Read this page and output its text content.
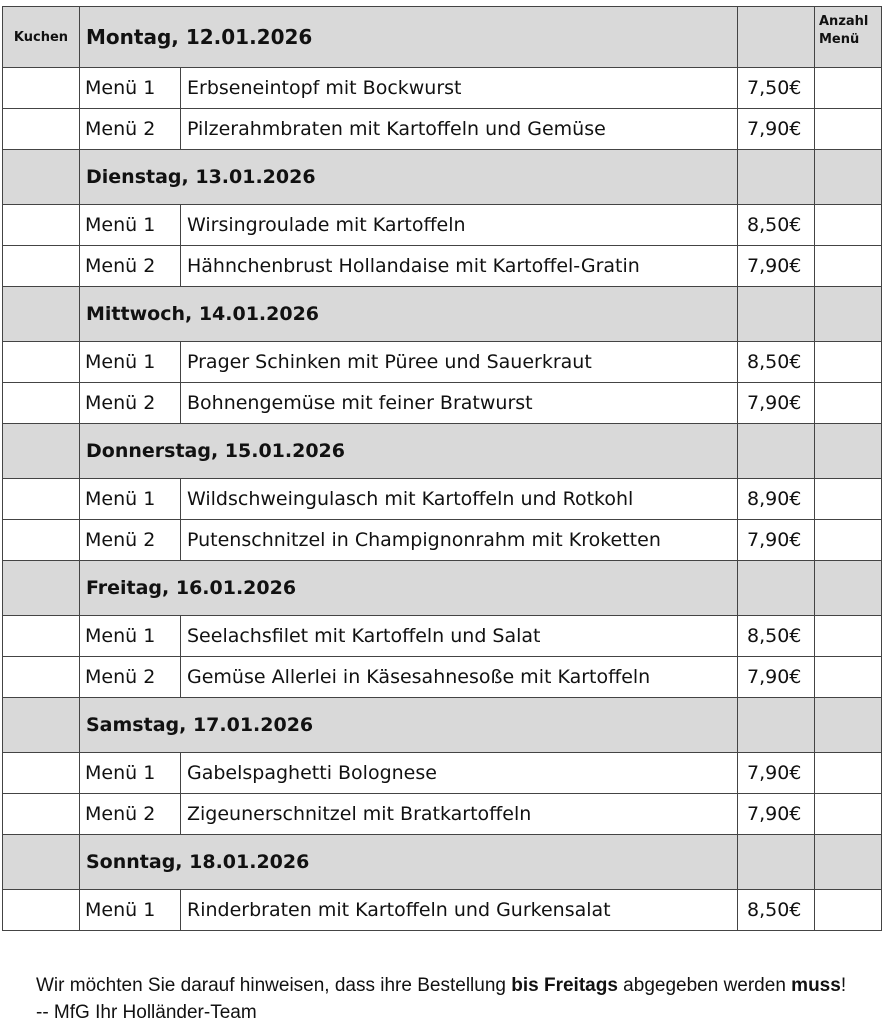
Kuchen	Montag, 12.01.2026			Anzahl
Menü
	Menü 1	Erbseneintopf mit Bockwurst	7,50€	
	Menü 2	Pilzerahmbraten mit Kartoffeln und Gemüse	7,90€	
	Dienstag, 13.01.2026			
	Menü 1	Wirsingroulade mit Kartoffeln	8,50€	
	Menü 2	Hähnchenbrust Hollandaise mit Kartoffel-Gratin	7,90€	
	Mittwoch, 14.01.2026			
	Menü 1	Prager Schinken mit Püree und Sauerkraut	8,50€	
	Menü 2	Bohnengemüse mit feiner Bratwurst	7,90€	
	Donnerstag, 15.01.2026			
	Menü 1	Wildschweingulasch mit Kartoffeln und Rotkohl	8,90€	
	Menü 2	Putenschnitzel in Champignonrahm mit Kroketten	7,90€	
	Freitag, 16.01.2026			
	Menü 1	Seelachsfilet mit Kartoffeln und Salat	8,50€	
	Menü 2	Gemüse Allerlei in Käsesahnesoße mit Kartoffeln	7,90€	
	Samstag, 17.01.2026			
	Menü 1	Gabelspaghetti Bolognese	7,90€	
	Menü 2	Zigeunerschnitzel mit Bratkartoffeln	7,90€	
	Sonntag, 18.01.2026			
	Menü 1	Rinderbraten mit Kartoffeln und Gurkensalat	8,50€	
Wir möchten Sie darauf hinweisen, dass ihre Bestellung bis Freitags abgegeben werden muss! -- MfG Ihr Holländer-Team
